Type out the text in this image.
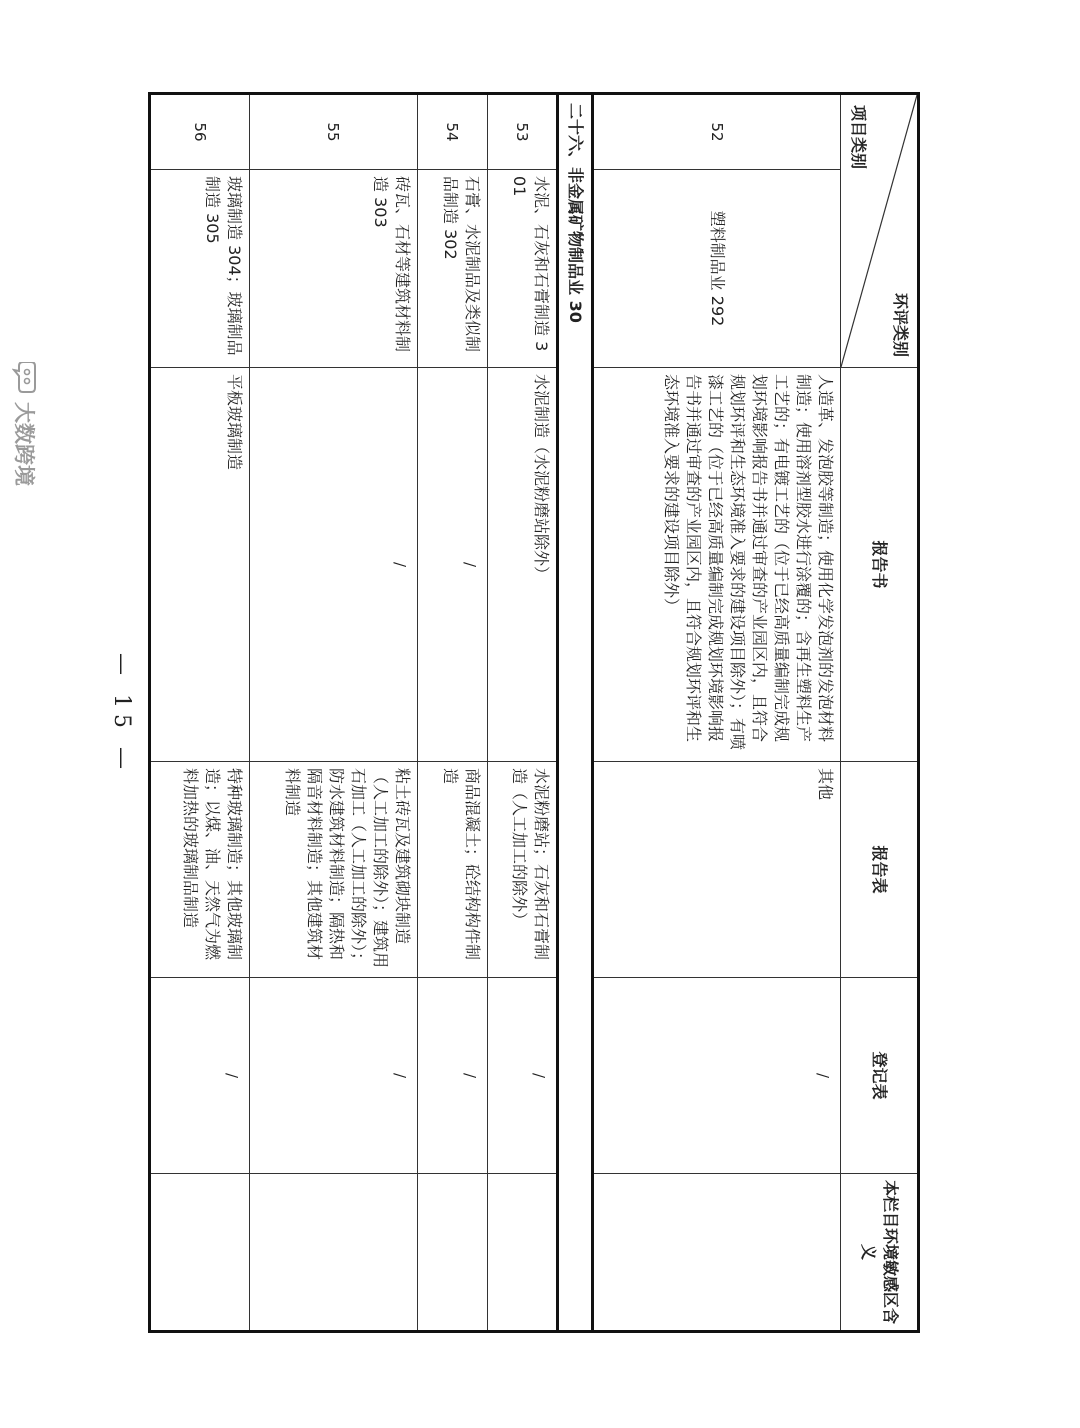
环评类别
项目类别		报告书	报告表	登记表	本栏目环境敏感区含义
52	塑料制品业 292	人造革、发泡胶等制造；使用化学发泡剂的发泡材料制造；使用溶剂型胶水进行涂覆的；含再生塑料生产工艺的；有电镀工艺的（位于已经高质量编制完成规划环境影响报告书并通过审查的产业园区内，且符合规划环评和生态环境准入要求的建设项目除外）；有喷漆工艺的（位于已经高质量编制完成规划环境影响报告书并通过审查的产业园区内，且符合规划环评和生态环境准入要求的建设项目除外）	其他	/	
二十六、非金属矿物制品业 30					
53	水泥、石灰和石膏制造 301	水泥制造（水泥粉磨站除外）	水泥粉磨站；石灰和石膏制造（人工加工的除外）	/	
54	石膏、水泥制品及类似制品制造 302	/	商品混凝土；砼结构构件制造	/	
55	砖瓦、石材等建筑材料制造 303	/	粘土砖瓦及建筑砌块制造（人工加工的除外）；建筑用石加工（人工加工的除外）；防水建筑材料制造；隔热和隔音材料制造；其他建筑材料制造	/	
56	玻璃制造 304；玻璃制品制造 305	平板玻璃制造	特种玻璃制造；其他玻璃制造；以煤、油、天然气为燃料加热的玻璃制品制造	/	
— 15 —
大数跨境
